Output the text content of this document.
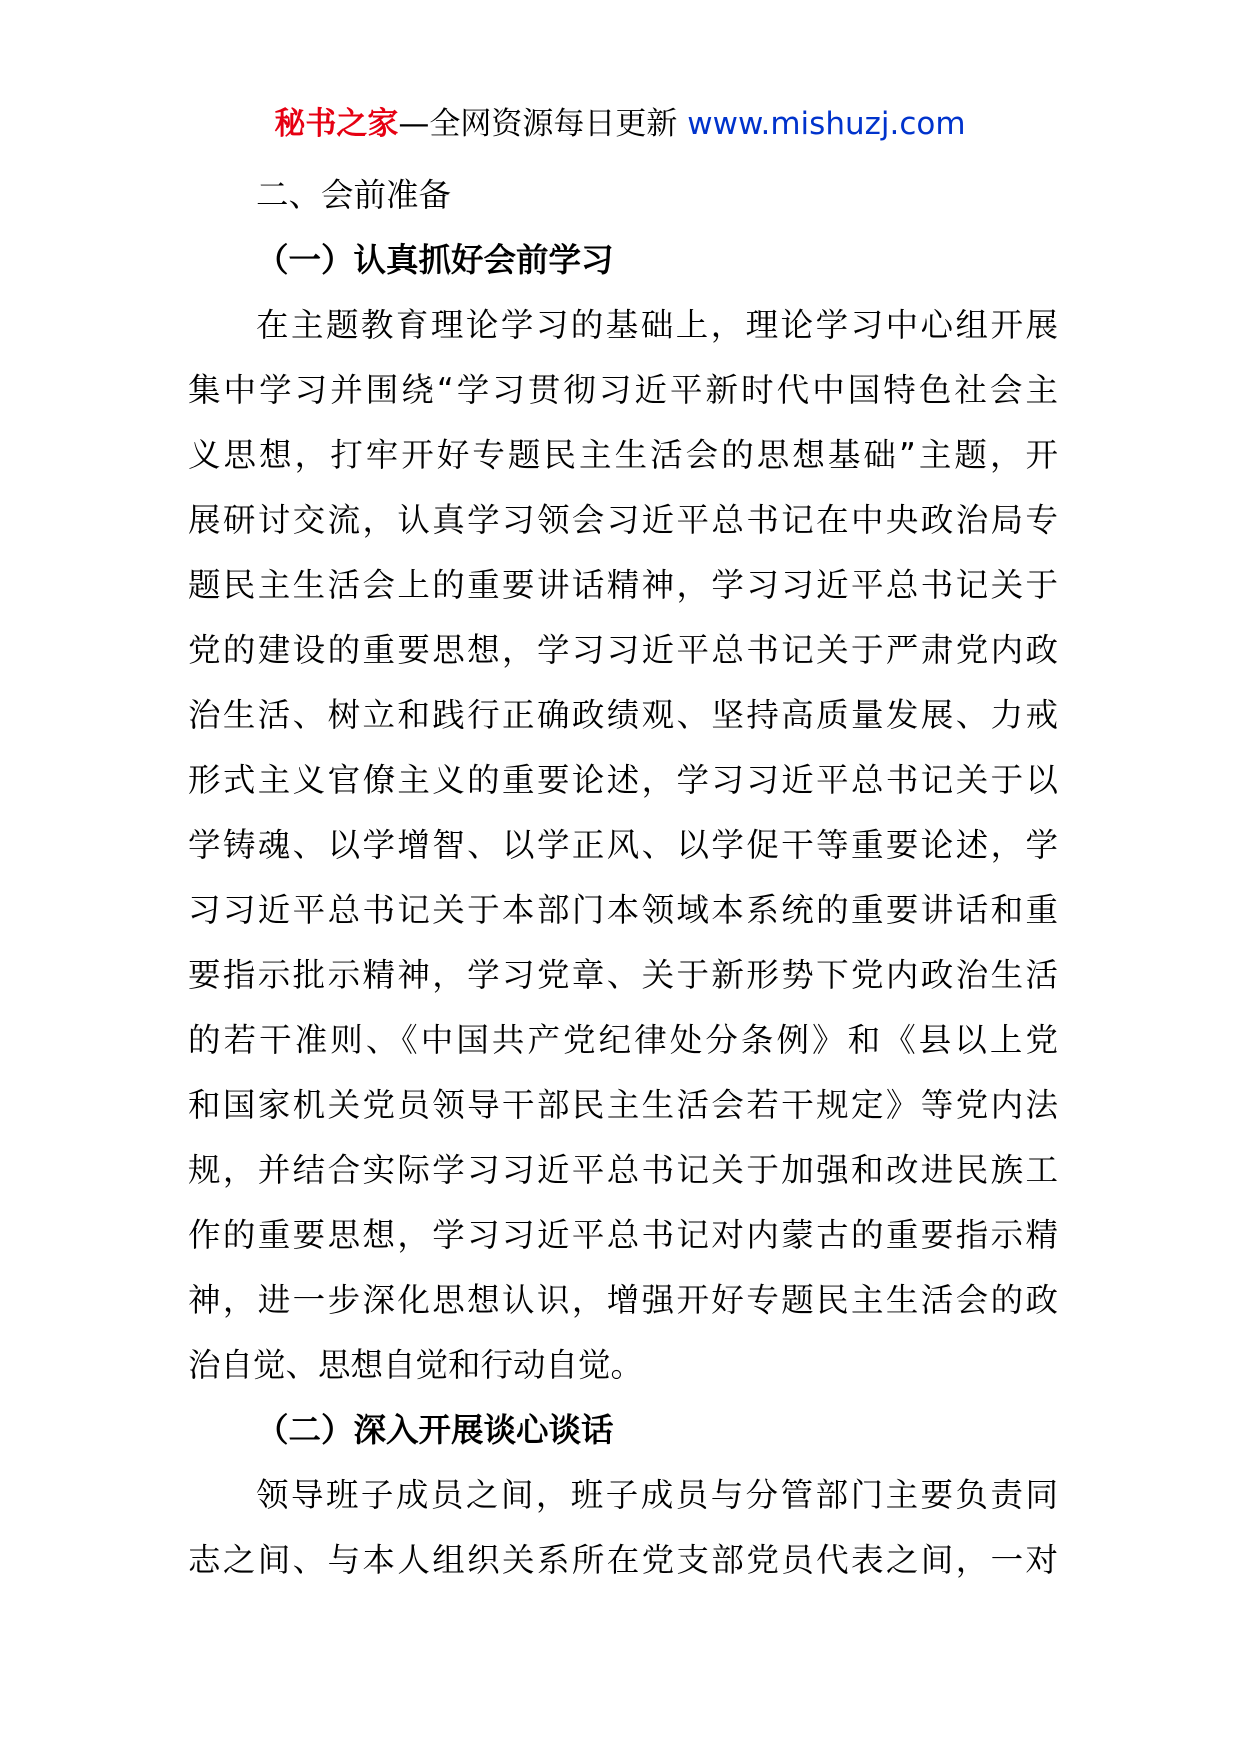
秘书之家—全网资源每日更新 www.mishuzj.com
二、会前准备
（一）认真抓好会前学习
在主题教育理论学习的基础上，理论学习中心组开展
集中学习并围绕“学习贯彻习近平新时代中国特色社会主
义思想，打牢开好专题民主生活会的思想基础”主题，开
展研讨交流，认真学习领会习近平总书记在中央政治局专
题民主生活会上的重要讲话精神，学习习近平总书记关于
党的建设的重要思想，学习习近平总书记关于严肃党内政
治生活、树立和践行正确政绩观、坚持高质量发展、力戒
形式主义官僚主义的重要论述，学习习近平总书记关于以
学铸魂、以学增智、以学正风、以学促干等重要论述，学
习习近平总书记关于本部门本领域本系统的重要讲话和重
要指示批示精神，学习党章、关于新形势下党内政治生活
的若干准则、《中国共产党纪律处分条例》和《县以上党
和国家机关党员领导干部民主生活会若干规定》等党内法
规，并结合实际学习习近平总书记关于加强和改进民族工
作的重要思想，学习习近平总书记对内蒙古的重要指示精
神，进一步深化思想认识，增强开好专题民主生活会的政
治自觉、思想自觉和行动自觉。
（二）深入开展谈心谈话
领导班子成员之间，班子成员与分管部门主要负责同
志之间、与本人组织关系所在党支部党员代表之间，一对
